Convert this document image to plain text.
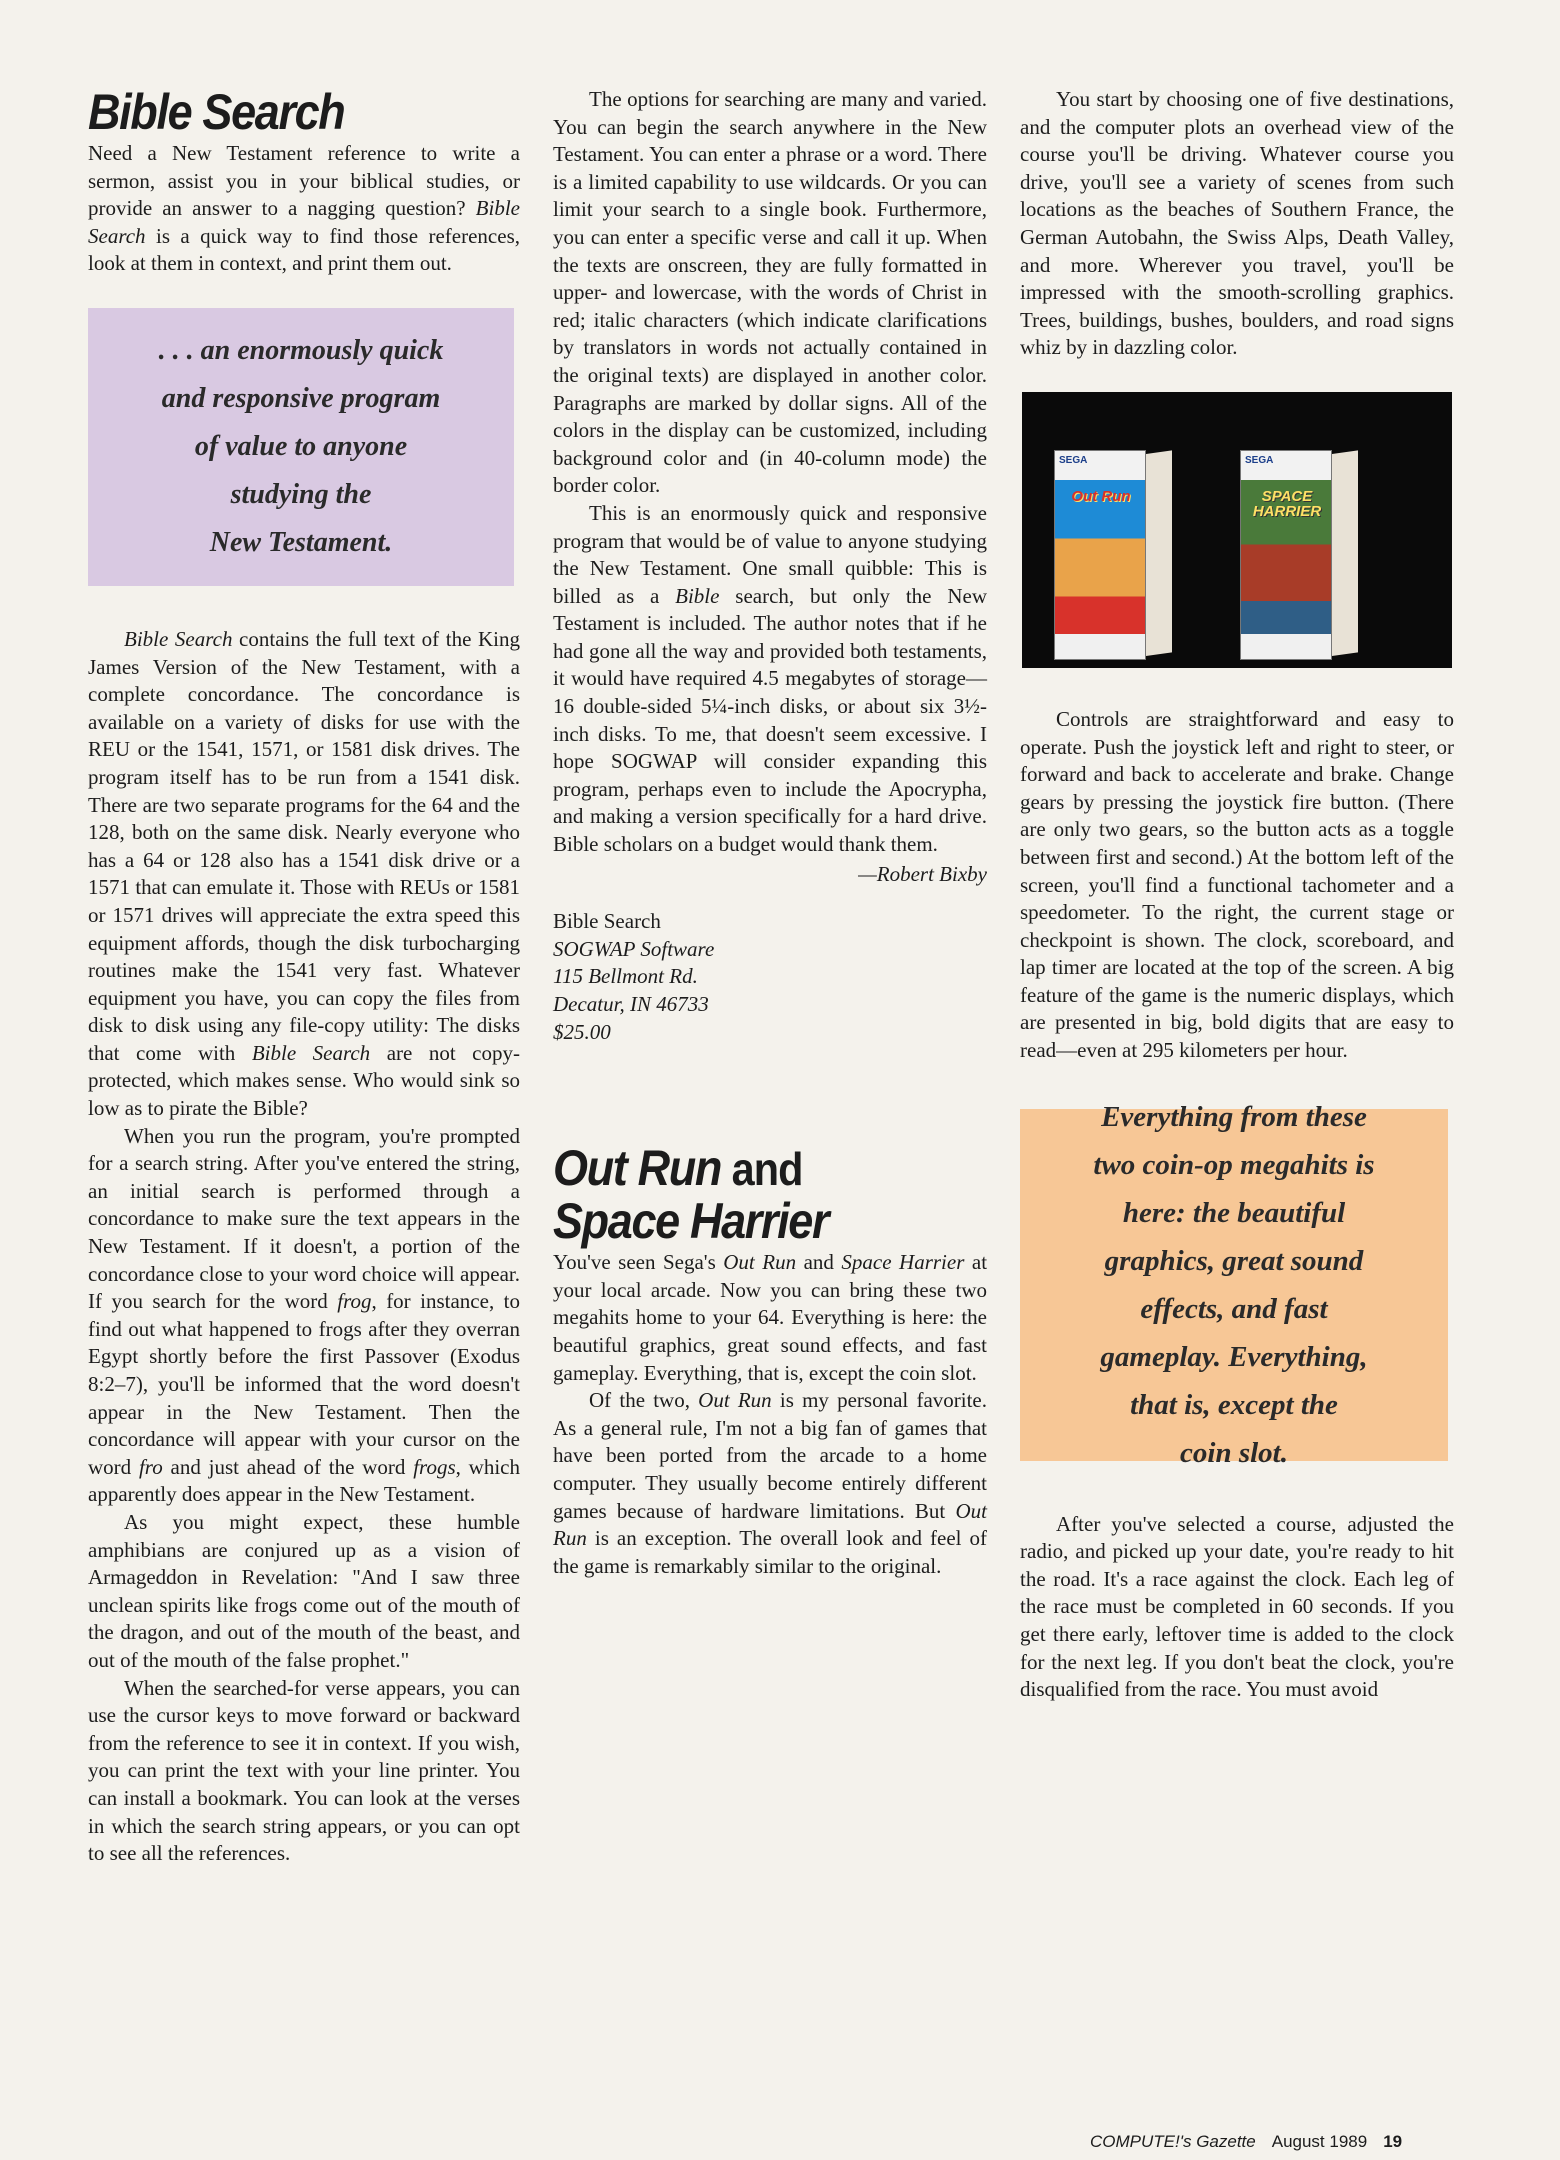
Bible Search

Need a New Testament reference to write a sermon, assist you in your biblical studies, or provide an answer to a nagging question? Bible Search is a quick way to find those references, look at them in context, and print them out.

. . . an enormously quick
and responsive program
of value to anyone
studying the
New Testament.

Bible Search contains the full text of the King James Version of the New Testament, with a complete concordance. The concordance is available on a variety of disks for use with the REU or the 1541, 1571, or 1581 disk drives. The program itself has to be run from a 1541 disk. There are two separate programs for the 64 and the 128, both on the same disk. Nearly everyone who has a 64 or 128 also has a 1541 disk drive or a 1571 that can emulate it. Those with REUs or 1581 or 1571 drives will appreciate the extra speed this equipment affords, though the disk turbocharging routines make the 1541 very fast. Whatever equipment you have, you can copy the files from disk to disk using any file-copy utility: The disks that come with Bible Search are not copy-protected, which makes sense. Who would sink so low as to pirate the Bible?

When you run the program, you're prompted for a search string. After you've entered the string, an initial search is performed through a concordance to make sure the text appears in the New Testament. If it doesn't, a portion of the concordance close to your word choice will appear. If you search for the word frog, for instance, to find out what happened to frogs after they overran Egypt shortly before the first Passover (Exodus 8:2–7), you'll be informed that the word doesn't appear in the New Testament. Then the concordance will appear with your cursor on the word fro and just ahead of the word frogs, which apparently does appear in the New Testament.

As you might expect, these humble amphibians are conjured up as a vision of Armageddon in Revelation: "And I saw three unclean spirits like frogs come out of the mouth of the dragon, and out of the mouth of the beast, and out of the mouth of the false prophet."

When the searched-for verse appears, you can use the cursor keys to move forward or backward from the reference to see it in context. If you wish, you can print the text with your line printer. You can install a bookmark. You can look at the verses in which the search string appears, or you can opt to see all the references.

The options for searching are many and varied. You can begin the search anywhere in the New Testament. You can enter a phrase or a word. There is a limited capability to use wildcards. Or you can limit your search to a single book. Furthermore, you can enter a specific verse and call it up. When the texts are onscreen, they are fully formatted in upper- and lowercase, with the words of Christ in red; italic characters (which indicate clarifications by translators in words not actually contained in the original texts) are displayed in another color. Paragraphs are marked by dollar signs. All of the colors in the display can be customized, including background color and (in 40-column mode) the border color.

This is an enormously quick and responsive program that would be of value to anyone studying the New Testament. One small quibble: This is billed as a Bible search, but only the New Testament is included. The author notes that if he had gone all the way and provided both testaments, it would have required 4.5 megabytes of storage—16 double-sided 5¼-inch disks, or about six 3½-inch disks. To me, that doesn't seem excessive. I hope SOGWAP will consider expanding this program, perhaps even to include the Apocrypha, and making a version specifically for a hard drive. Bible scholars on a budget would thank them.

—Robert Bixby

Bible Search
SOGWAP Software
115 Bellmont Rd.
Decatur, IN 46733
$25.00
Out Run and
Space Harrier

You've seen Sega's Out Run and Space Harrier at your local arcade. Now you can bring these two megahits home to your 64. Everything is here: the beautiful graphics, great sound effects, and fast gameplay. Everything, that is, except the coin slot.

Of the two, Out Run is my personal favorite. As a general rule, I'm not a big fan of games that have been ported from the arcade to a home computer. They usually become entirely different games because of hardware limitations. But Out Run is an exception. The overall look and feel of the game is remarkably similar to the original.

You start by choosing one of five destinations, and the computer plots an overhead view of the course you'll be driving. Whatever course you drive, you'll see a variety of scenes from such locations as the beaches of Southern France, the German Autobahn, the Swiss Alps, Death Valley, and more. Wherever you travel, you'll be impressed with the smooth-scrolling graphics. Trees, buildings, bushes, boulders, and road signs whiz by in dazzling color.

SEGA
Out Run
SEGA
SPACE HARRIER

Controls are straightforward and easy to operate. Push the joystick left and right to steer, or forward and back to accelerate and brake. Change gears by pressing the joystick fire button. (There are only two gears, so the button acts as a toggle between first and second.) At the bottom left of the screen, you'll find a functional tachometer and a speedometer. To the right, the current stage or checkpoint is shown. The clock, scoreboard, and lap timer are located at the top of the screen. A big feature of the game is the numeric displays, which are presented in big, bold digits that are easy to read—even at 295 kilometers per hour.

Everything from these
two coin-op megahits is
here: the beautiful
graphics, great sound
effects, and fast
gameplay. Everything,
that is, except the
coin slot.

After you've selected a course, adjusted the radio, and picked up your date, you're ready to hit the road. It's a race against the clock. Each leg of the race must be completed in 60 seconds. If you get there early, leftover time is added to the clock for the next leg. If you don't beat the clock, you're disqualified from the race. You must avoid

COMPUTE!'s Gazette August 1989 19
